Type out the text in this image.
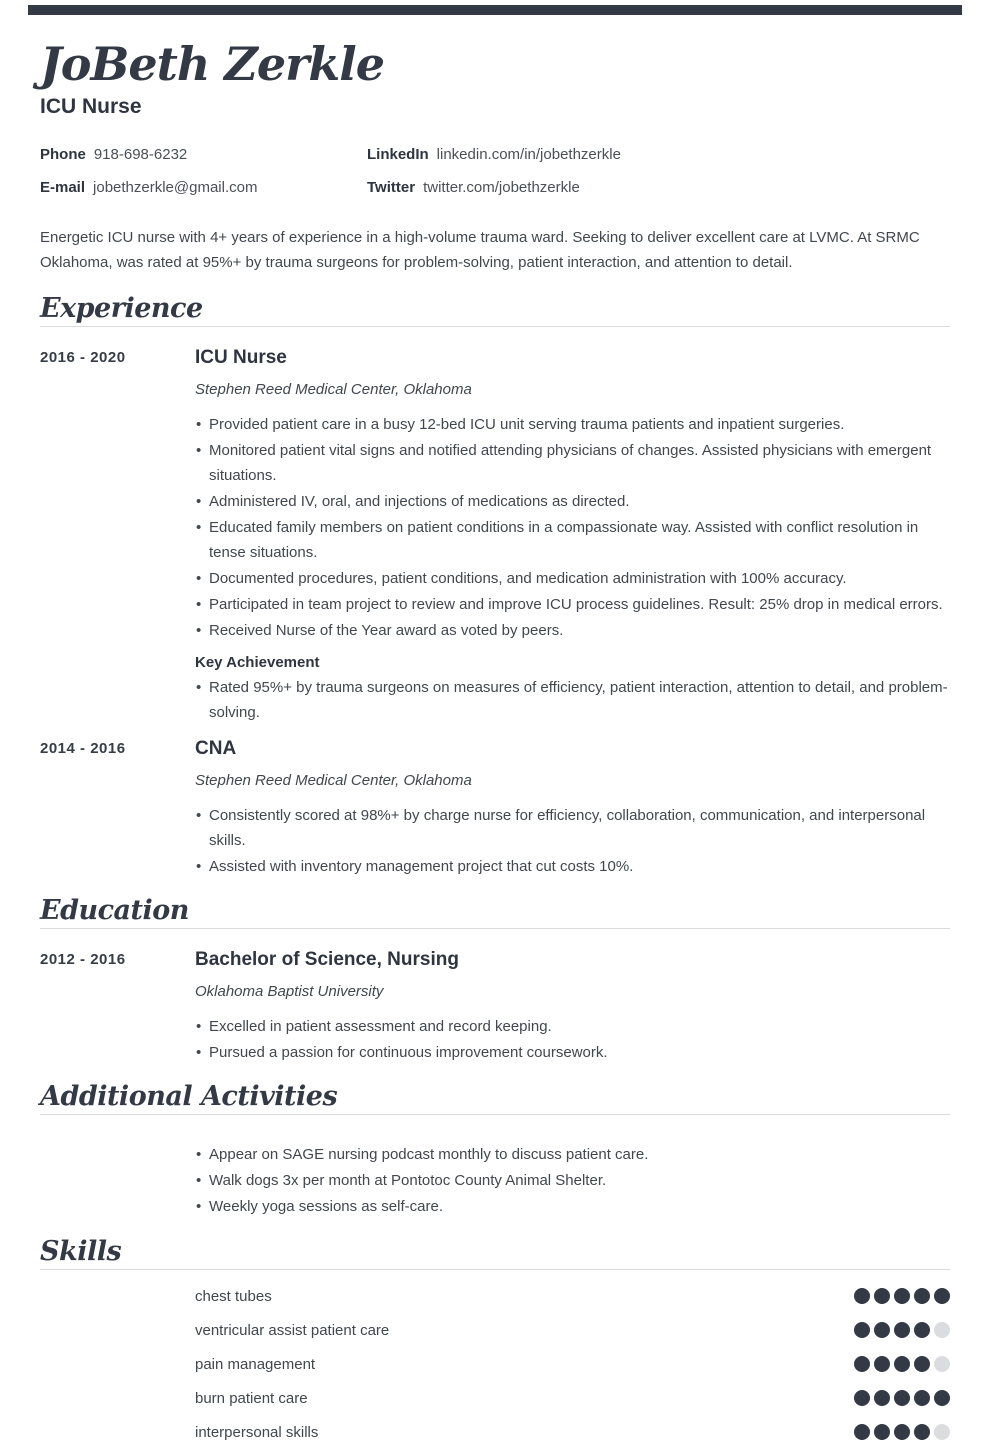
JoBeth Zerkle
ICU Nurse
Phone 918-698-6232	LinkedIn linkedin.com/in/jobethzerkle
E-mail jobethzerkle@gmail.com	Twitter twitter.com/jobethzerkle
Energetic ICU nurse with 4+ years of experience in a high-volume trauma ward. Seeking to deliver excellent care at LVMC. At SRMC Oklahoma, was rated at 95%+ by trauma surgeons for problem-solving, patient interaction, and attention to detail.
Experience
2016 - 2020	ICU Nurse
Stephen Reed Medical Center, Oklahoma
• Provided patient care in a busy 12-bed ICU unit serving trauma patients and inpatient surgeries.
• Monitored patient vital signs and notified attending physicians of changes. Assisted physicians with emergent situations.
• Administered IV, oral, and injections of medications as directed.
• Educated family members on patient conditions in a compassionate way. Assisted with conflict resolution in tense situations.
• Documented procedures, patient conditions, and medication administration with 100% accuracy.
• Participated in team project to review and improve ICU process guidelines. Result: 25% drop in medical errors.
• Received Nurse of the Year award as voted by peers.
Key Achievement
• Rated 95%+ by trauma surgeons on measures of efficiency, patient interaction, attention to detail, and problem-solving.
2014 - 2016	CNA
Stephen Reed Medical Center, Oklahoma
• Consistently scored at 98%+ by charge nurse for efficiency, collaboration, communication, and interpersonal skills.
• Assisted with inventory management project that cut costs 10%.
Education
2012 - 2016	Bachelor of Science, Nursing
Oklahoma Baptist University
• Excelled in patient assessment and record keeping.
• Pursued a passion for continuous improvement coursework.
Additional Activities
• Appear on SAGE nursing podcast monthly to discuss patient care.
• Walk dogs 3x per month at Pontotoc County Animal Shelter.
• Weekly yoga sessions as self-care.
Skills
chest tubes
ventricular assist patient care
pain management
burn patient care
interpersonal skills
